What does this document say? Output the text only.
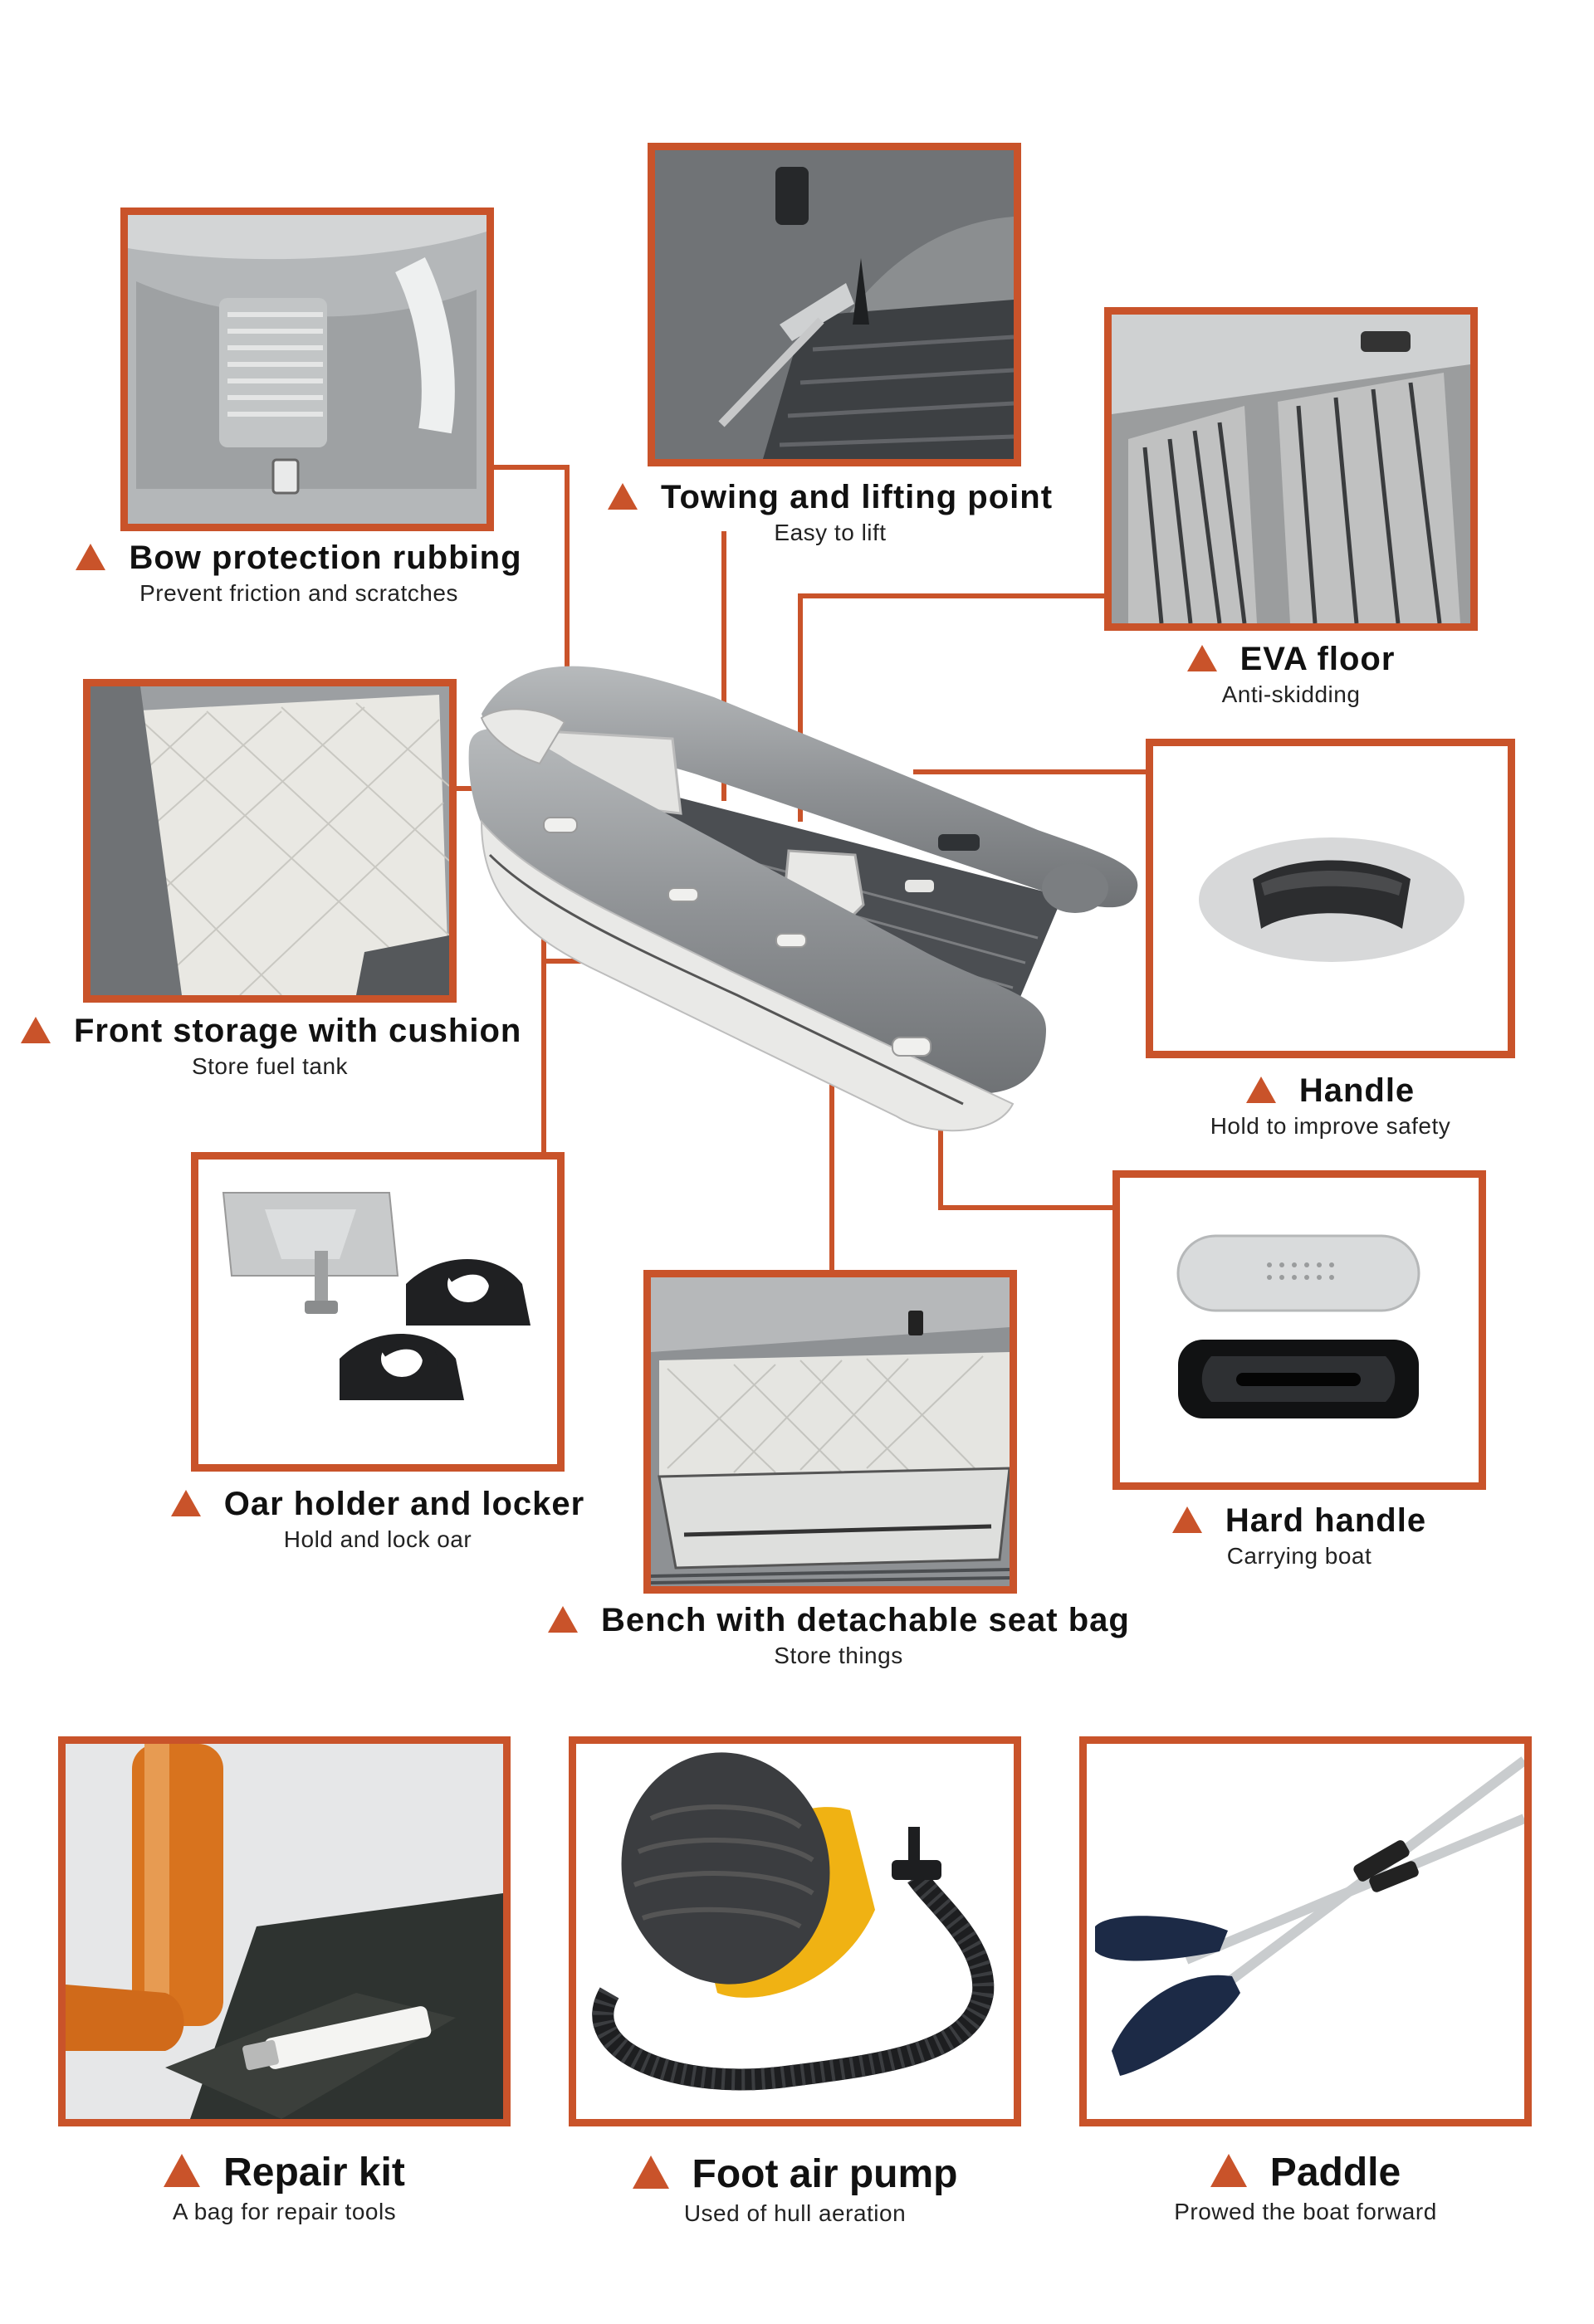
Bow protection rubbing
Prevent friction and scratches
Towing and lifting point
Easy to lift
EVA floor
Anti-skidding
Front storage with cushion
Store fuel tank
Handle
Hold to improve safety
Oar holder and locker
Hold and lock oar
Bench with detachable seat bag
Store things
Hard handle
Carrying boat
Repair kit
A bag for repair tools
Foot air pump
Used of hull aeration
Paddle
Prowed the boat forward
